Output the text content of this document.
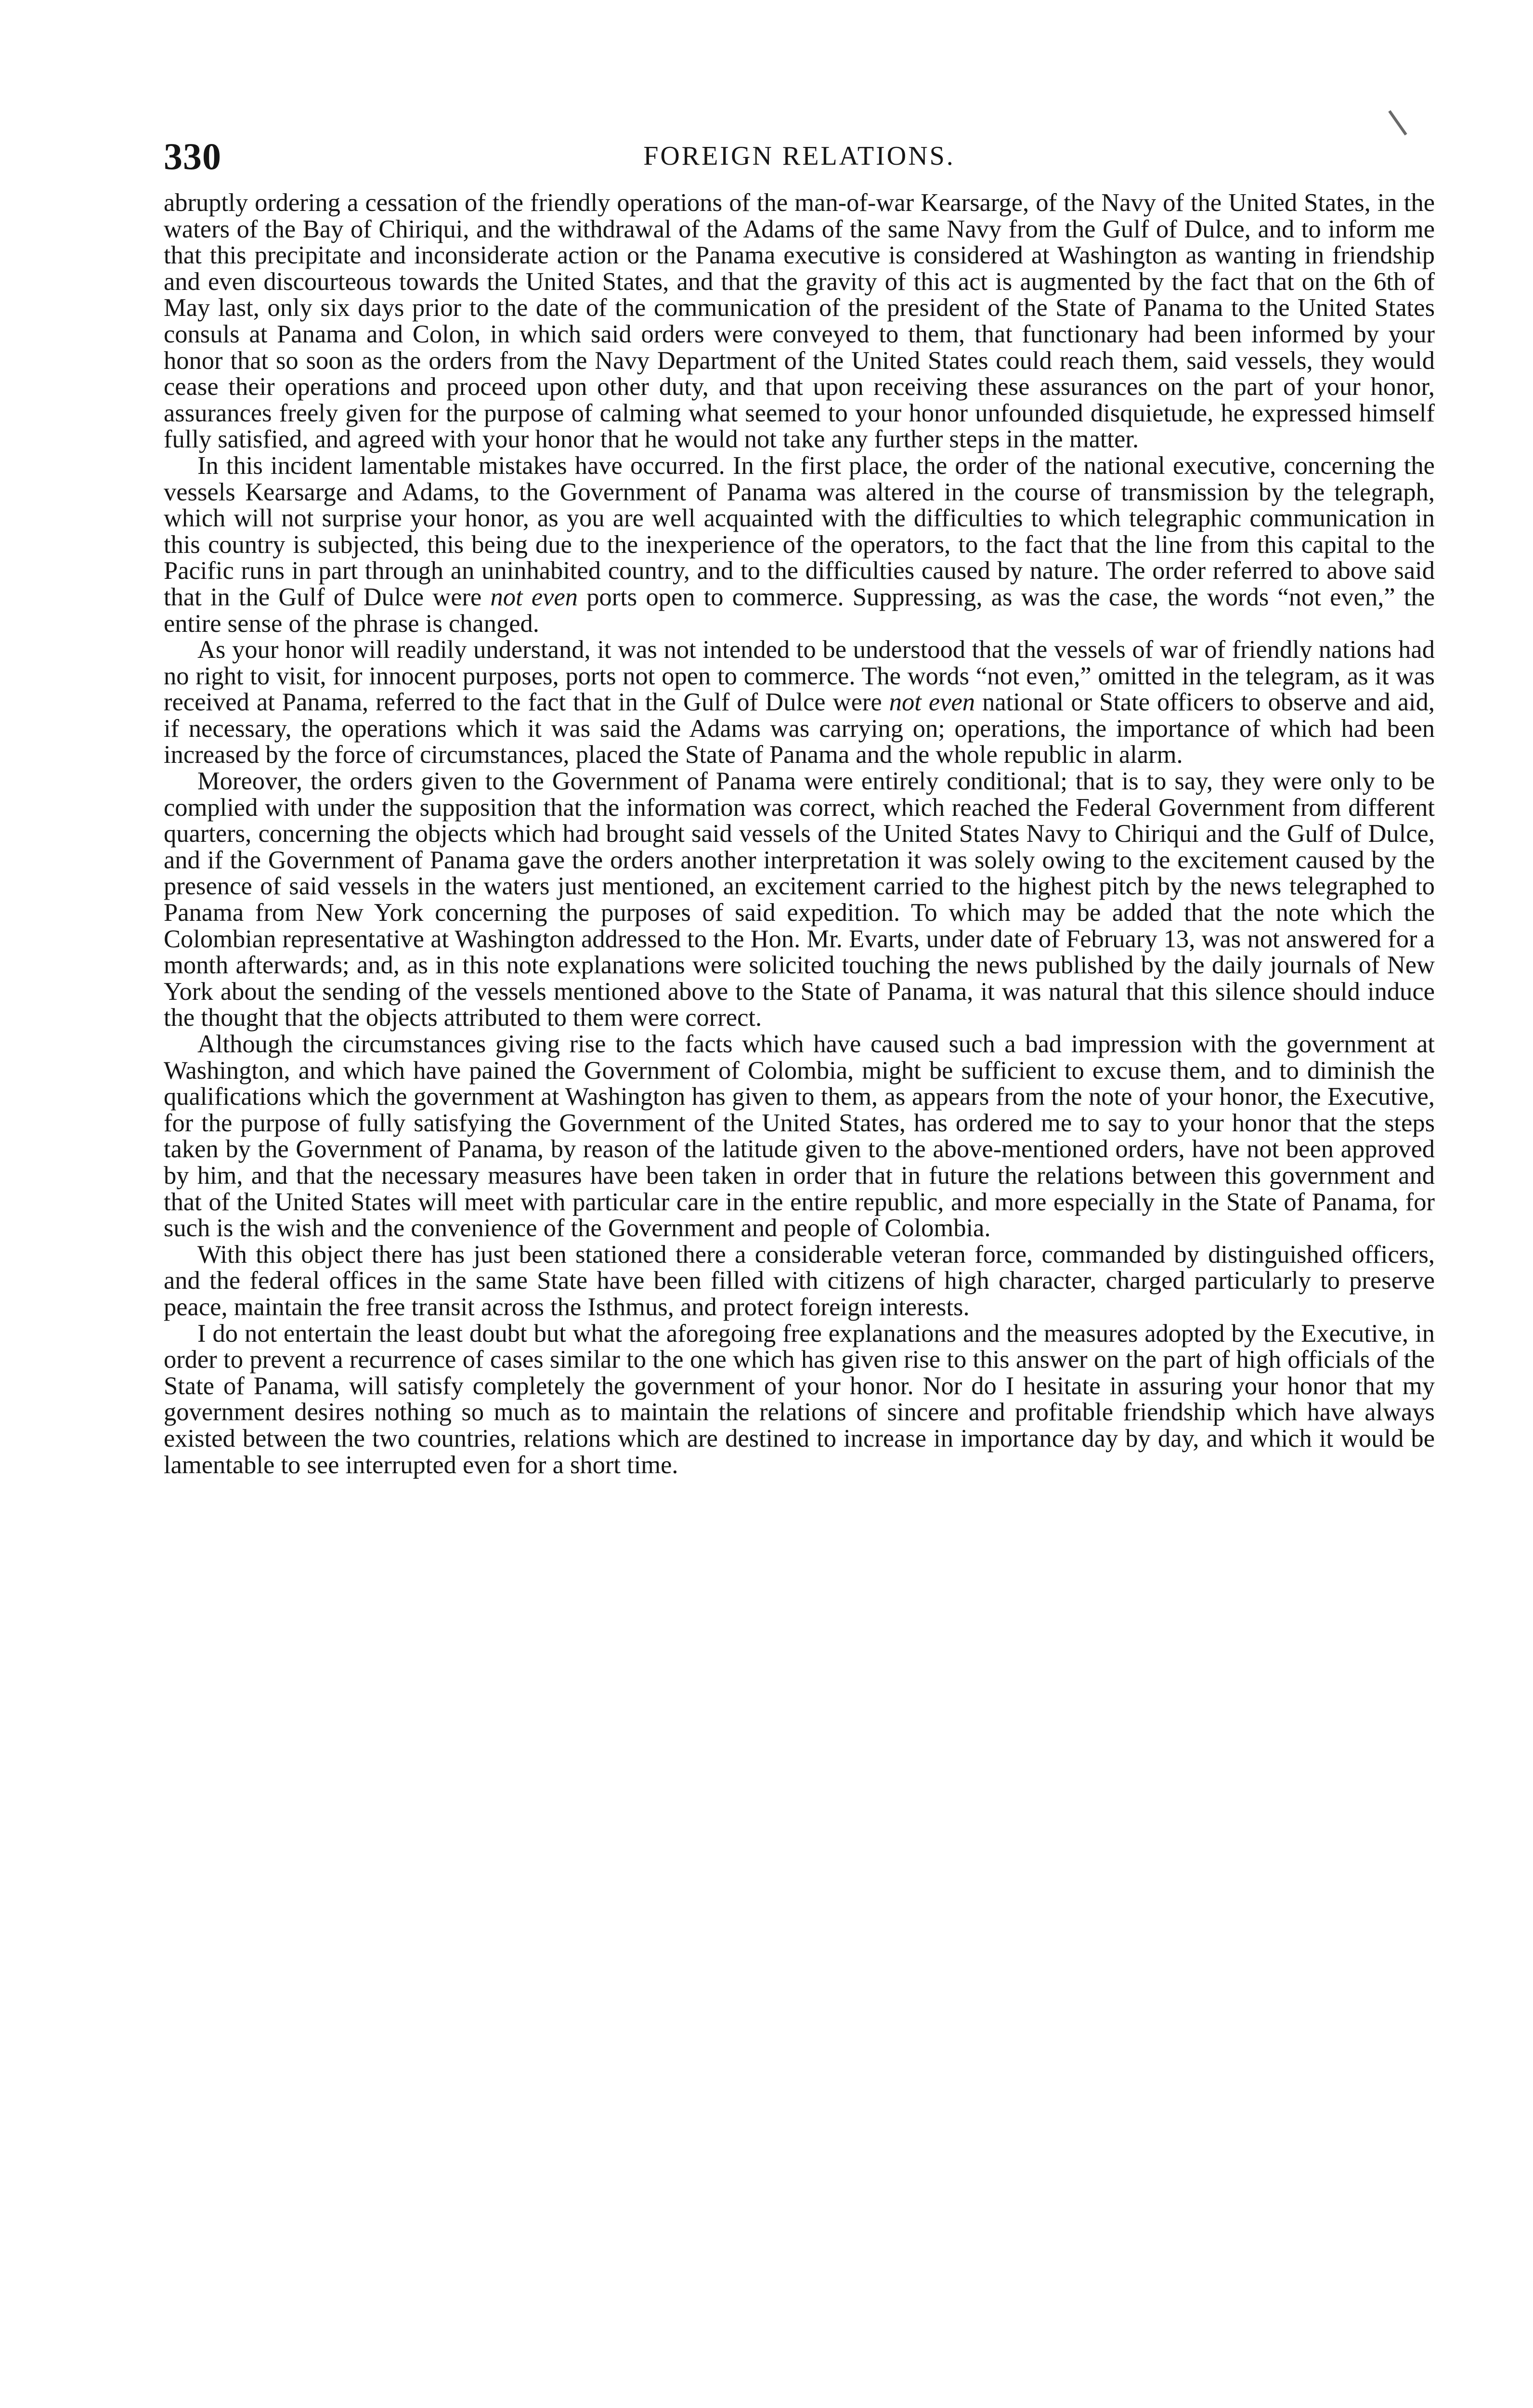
330	FOREIGN RELATIONS.

abruptly ordering a cessation of the friendly operations of the man-of-war Kearsarge, of the Navy of the United States, in the waters of the Bay of Chiriqui, and the withdrawal of the Adams of the same Navy from the Gulf of Dulce, and to inform me that this precipitate and inconsiderate action or the Panama executive is considered at Washington as wanting in friendship and even discourteous towards the United States, and that the gravity of this act is augmented by the fact that on the 6th of May last, only six days prior to the date of the communication of the president of the State of Panama to the United States consuls at Panama and Colon, in which said orders were conveyed to them, that functionary had been informed by your honor that so soon as the orders from the Navy Department of the United States could reach them, said vessels, they would cease their operations and proceed upon other duty, and that upon receiving these assurances on the part of your honor, assurances freely given for the purpose of calming what seemed to your honor unfounded disquietude, he expressed himself fully satisfied, and agreed with your honor that he would not take any further steps in the matter.

In this incident lamentable mistakes have occurred. In the first place, the order of the national executive, concerning the vessels Kearsarge and Adams, to the Government of Panama was altered in the course of transmission by the telegraph, which will not surprise your honor, as you are well acquainted with the difficulties to which telegraphic communication in this country is subjected, this being due to the inexperience of the operators, to the fact that the line from this capital to the Pacific runs in part through an uninhabited country, and to the difficulties caused by nature. The order referred to above said that in the Gulf of Dulce were not even ports open to commerce. Suppressing, as was the case, the words “not even,” the entire sense of the phrase is changed.

As your honor will readily understand, it was not intended to be understood that the vessels of war of friendly nations had no right to visit, for innocent purposes, ports not open to commerce. The words “not even,” omitted in the telegram, as it was received at Panama, referred to the fact that in the Gulf of Dulce were not even national or State officers to observe and aid, if necessary, the operations which it was said the Adams was carrying on; operations, the importance of which had been increased by the force of circumstances, placed the State of Panama and the whole republic in alarm.

Moreover, the orders given to the Government of Panama were entirely conditional; that is to say, they were only to be complied with under the supposition that the information was correct, which reached the Federal Government from different quarters, concerning the objects which had brought said vessels of the United States Navy to Chiriqui and the Gulf of Dulce, and if the Government of Panama gave the orders another interpretation it was solely owing to the excitement caused by the presence of said vessels in the waters just mentioned, an excitement carried to the highest pitch by the news telegraphed to Panama from New York concerning the purposes of said expedition. To which may be added that the note which the Colombian representative at Washington addressed to the Hon. Mr. Evarts, under date of February 13, was not answered for a month afterwards; and, as in this note explanations were solicited touching the news published by the daily journals of New York about the sending of the vessels mentioned above to the State of Panama, it was natural that this silence should induce the thought that the objects attributed to them were correct.

Although the circumstances giving rise to the facts which have caused such a bad impression with the government at Washington, and which have pained the Government of Colombia, might be sufficient to excuse them, and to diminish the qualifications which the government at Washington has given to them, as appears from the note of your honor, the Executive, for the purpose of fully satisfying the Government of the United States, has ordered me to say to your honor that the steps taken by the Government of Panama, by reason of the latitude given to the above-mentioned orders, have not been approved by him, and that the necessary measures have been taken in order that in future the relations between this government and that of the United States will meet with particular care in the entire republic, and more especially in the State of Panama, for such is the wish and the convenience of the Government and people of Colombia.

With this object there has just been stationed there a considerable veteran force, commanded by distinguished officers, and the federal offices in the same State have been filled with citizens of high character, charged particularly to preserve peace, maintain the free transit across the Isthmus, and protect foreign interests.

I do not entertain the least doubt but what the aforegoing free explanations and the measures adopted by the Executive, in order to prevent a recurrence of cases similar to the one which has given rise to this answer on the part of high officials of the State of Panama, will satisfy completely the government of your honor. Nor do I hesitate in assuring your honor that my government desires nothing so much as to maintain the relations of sincere and profitable friendship which have always existed between the two countries, relations which are destined to increase in importance day by day, and which it would be lamentable to see interrupted even for a short time.
